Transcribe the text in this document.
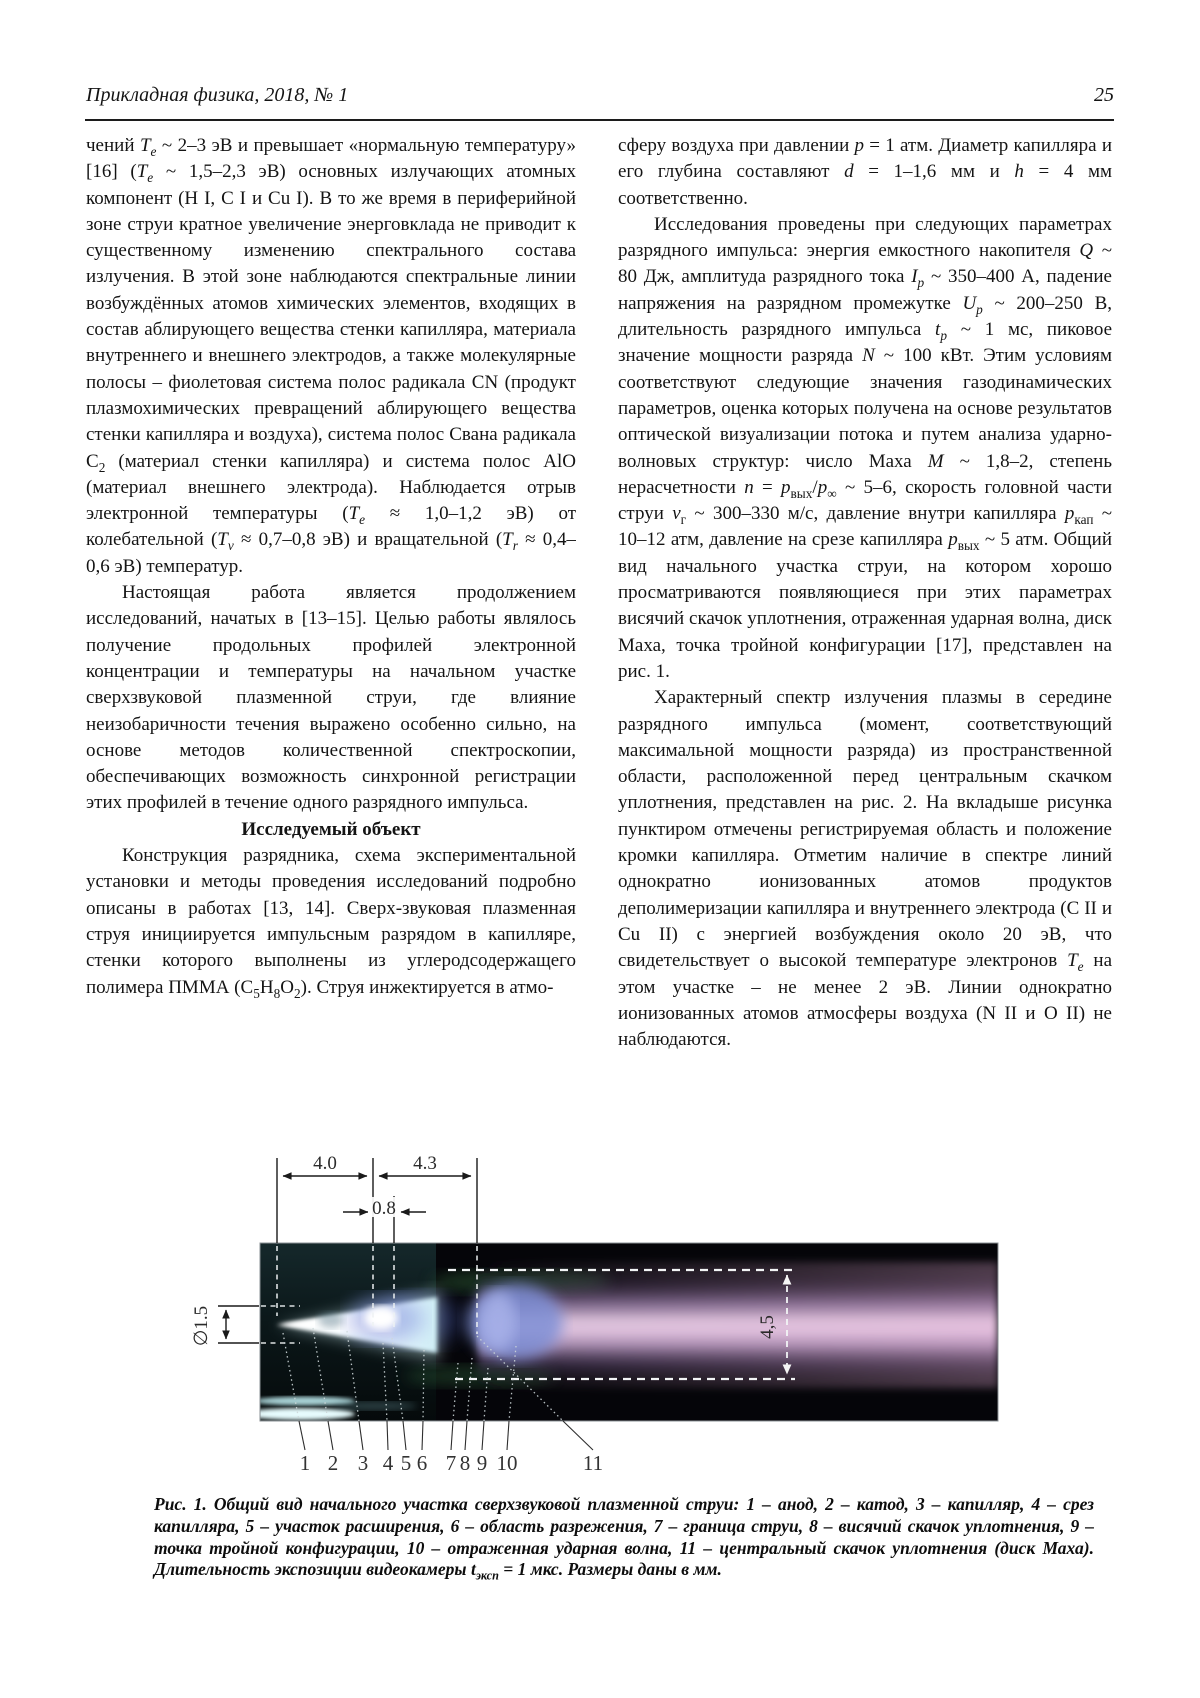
Прикладная физика, 2018, № 1	25

чений $T_e$ ~ 2–3 эВ и превышает «нормальную температуру» [16] ($T_e$ ~ 1,5–2,3 эВ) основных излучающих атомных компонент (H I, C I и Cu I). В то же время в периферийной зоне струи кратное увеличение энерговклада не приводит к существенному изменению спектрального состава излучения. В этой зоне наблюдаются спектральные линии возбуждённых атомов химических элементов, входящих в состав аблирующего вещества стенки капилляра, материала внутреннего и внешнего электродов, а также молекулярные полосы – фиолетовая система полос радикала CN (продукт плазмохимических превращений аблирующего вещества стенки капилляра и воздуха), система полос Свана радикала $C_2$ (материал стенки капилляра) и система полос AlO (материал внешнего электрода). Наблюдается отрыв электронной температуры ($T_e \approx 1,0-1,2$ эВ) от колебательной ($T_v \approx 0,7-0,8$ эВ) и вращательной ($T_r \approx 0,4-0,6$ эВ) температур.

Настоящая работа является продолжением исследований, начатых в [13–15]. Целью работы являлось получение продольных профилей электронной концентрации и температуры на начальном участке сверхзвуковой плазменной струи, где влияние неизобаричности течения выражено особенно сильно, на основе методов количественной спектроскопии, обеспечивающих возможность синхронной регистрации этих профилей в течение одного разрядного импульса.

Исследуемый объект

Конструкция разрядника, схема экспериментальной установки и методы проведения исследований подробно описаны в работах [13, 14]. Сверх-звуковая плазменная струя инициируется импульсным разрядом в капилляре, стенки которого выполнены из углеродсодержащего полимера ПММА $(C_5H_8O_2)$. Струя инжектируется в атмо-

сферу воздуха при давлении p = 1 атм. Диаметр капилляра и его глубина составляют d = 1–1,6 мм и h = 4 мм соответственно.

Исследования проведены при следующих параметрах разрядного импульса: энергия емкостного накопителя Q ~ 80 Дж, амплитуда разрядного тока $I_p$ ~ 350–400 А, падение напряжения на разрядном промежутке $U_p$ ~ 200–250 В, длительность разрядного импульса $t_p$ ~ 1 мс, пиковое значение мощности разряда N ~ 100 кВт. Этим условиям соответствуют следующие значения газодинамических параметров, оценка которых получена на основе результатов оптической визуализации потока и путем анализа ударно-волновых структур: число Маха M ~ 1,8–2, степень нерасчетности $n = p_{вых}/p_\infty$ ~ 5–6, скорость головной части струи $v_г$ ~ 300–330 м/с, давление внутри капилляра $p_{кап}$ ~ 10–12 атм, давление на срезе капилляра $p_{вых}$ ~ 5 атм. Общий вид начального участка струи, на котором хорошо просматриваются появляющиеся при этих параметрах висячий скачок уплотнения, отраженная ударная волна, диск Маха, точка тройной конфигурации [17], представлен на рис. 1.

Характерный спектр излучения плазмы в середине разрядного импульса (момент, соответствующий максимальной мощности разряда) из пространственной области, расположенной перед центральным скачком уплотнения, представлен на рис. 2. На вкладыше рисунка пунктиром отмечены регистрируемая область и положение кромки капилляра. Отметим наличие в спектре линий однократно ионизованных атомов продуктов деполимеризации капилляра и внутреннего электрода (C II и Cu II) с энергией возбуждения около 20 эВ, что свидетельствует о высокой температуре электронов $T_e$ на этом участке – не менее 2 эВ. Линии однократно ионизованных атомов атмосферы воздуха (N II и O II) не наблюдаются.

4.0	4.3
0.8
∅1.5	4,5
1 2 3 4 5 6 7 8 9 10	11
Рис. 1. Общий вид начального участка сверхзвуковой плазменной струи: 1 – анод, 2 – катод, 3 – капилляр, 4 – срез капилляра, 5 – участок расширения, 6 – область разрежения, 7 – граница струи, 8 – висячий скачок уплотнения, 9 – точка тройной конфигурации, 10 – отраженная ударная волна, 11 – центральный скачок уплотнения (диск Маха). Длительность экспозиции видеокамеры $t_{эксп} = 1$ мкс. Размеры даны в мм.
